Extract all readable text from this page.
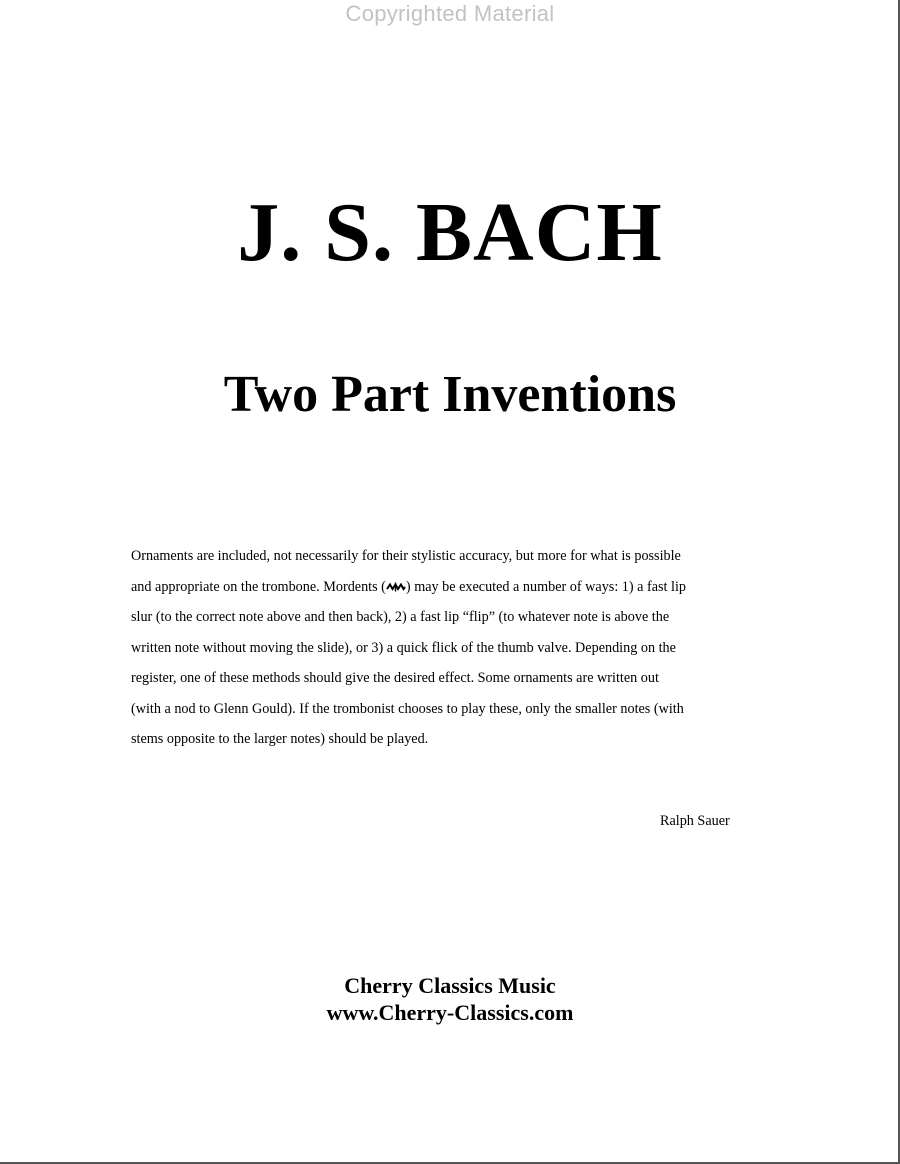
Copyrighted Material
J. S. BACH
Two Part Inventions
Ornaments are included, not necessarily for their stylistic accuracy, but more for what is possible
and appropriate on the trombone. Mordents ( ) may be executed a number of ways: 1) a fast lip
slur (to the correct note above and then back), 2) a fast lip “flip” (to whatever note is above the
written note without moving the slide), or 3) a quick flick of the thumb valve. Depending on the
register, one of these methods should give the desired effect. Some ornaments are written out
(with a nod to Glenn Gould). If the trombonist chooses to play these, only the smaller notes (with
stems opposite to the larger notes) should be played.
Ralph Sauer
Cherry Classics Music
www.Cherry-Classics.com
